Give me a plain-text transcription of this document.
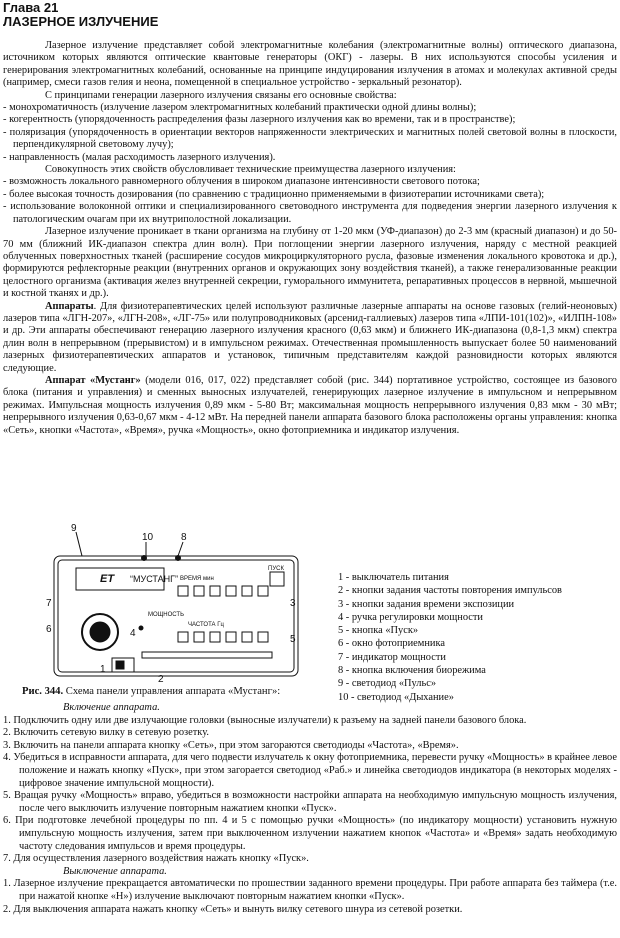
Глава 21
ЛАЗЕРНОЕ ИЗЛУЧЕНИЕ

Лазерное излучение представляет собой электромагнитные колебания (электромагнитные волны) оптического диапазона, источником которых являются оптические квантовые генераторы (ОКГ) - лазеры. В них используются способы усиления и генерирования электромагнитных колебаний, основанные на принципе индуцирования излучения в атомах и молекулах активной среды (например, смеси газов гелия и неона, помещенной в специальное устройство - зеркальный резонатор).

С принципами генерации лазерного излучения связаны его основные свойства:

- монохроматичность (излучение лазером электромагнитных колебаний практически одной длины волны);
- когерентность (упорядоченность распределения фазы лазерного излучения как во времени, так и в пространстве);
- поляризация (упорядоченность в ориентации векторов напряженности электрических и магнитных полей световой волны в плоскости, перпендикулярной световому лучу);
- направленность (малая расходимость лазерного излучения).

Совокупность этих свойств обусловливает технические преимущества лазерного излучения:

- возможность локального равномерного облучения в широком диапазоне интенсивности светового потока;
- более высокая точность дозирования (по сравнению с традиционно применяемыми в физиотерапии источниками света);
- использование волоконной оптики и специализированного световодного инструмента для подведения энергии лазерного излучения к патологическим очагам при их внутриполостной локализации.

Лазерное излучение проникает в ткани организма на глубину от 1-20 мкм (УФ-диапазон) до 2-3 мм (красный диапазон) и до 50-70 мм (ближний ИК-диапазон спектра длин волн). При поглощении энергии лазерного излучения, наряду с местной реакцией облученных поверхностных тканей (расширение сосудов микроциркуляторного русла, фазовые изменения локального кровотока и др.), формируются рефлекторные реакции (внутренних органов и окружающих зону воздействия тканей), а также генерализованные реакции целостного организма (активация желез внутренней секреции, гуморального иммунитета, репаративных процессов в нервной, мышечной и костной тканях и др.).

Аппараты. Для физиотерапевтических целей используют различные лазерные аппараты на основе газовых (гелий-неоновых) лазеров типа «ЛГН-207», «ЛГН-208», «ЛГ-75» или полупроводниковых (арсенид-галлиевых) лазеров типа «ЛПИ-101(102)», «ИЛПН-108» и др. Эти аппараты обеспечивают генерацию лазерного излучения красного (0,63 мкм) и ближнего ИК-диапазона (0,8-1,3 мкм) спектра длин волн в непрерывном (прерывистом) и в импульсном режимах. Отечественная промышленность выпускает более 50 наименований лазерных физиотерапевтических аппаратов и установок, типичным представителям каждой разновидности которых являются следующие.

Аппарат «Мустанг» (модели 016, 017, 022) представляет собой (рис. 344) портативное устройство, состоящее из базового блока (питания и управления) и сменных выносных излучателей, генерирующих лазерное излучение в импульсном и непрерывном режимах. Импульсная мощность излучения 0,89 мкм - 5-80 Вт; максимальная мощность непрерывного излучения 0,83 мкм - 30 мВт; непрерывного излучения 0,63-0,67 мкм - 4-12 мВт. На передней панели аппарата базового блока расположены органы управления: кнопка «Сеть», кнопки «Частота», «Время», ручка «Мощность», окно фотоприемника и индикатор излучения.

ЕТ “МУСТАНГ” ВРЕМЯ мин
ЧАСТОТА Гц
МОЩНОСТЬ
ПУСК
9
10	8
7
6
3
5
4
1
2
1 - выключатель питания
2 - кнопки задания частоты повторения импульсов
3 - кнопки задания времени экспозиции
4 - ручка регулировки мощности
5 - кнопка «Пуск»
6 - окно фотоприемника
7 - индикатор мощности
8 - кнопка включения биорежима
9 - светодиод «Пульс»
10 - светодиод «Дыхание»
Рис. 344. Схема панели управления аппарата «Мустанг»:
Включение аппарата.
1. Подключить одну или две излучающие головки (выносные излучатели) к разъему на задней панели базового блока.
2. Включить сетевую вилку в сетевую розетку.
3. Включить на панели аппарата кнопку «Сеть», при этом загораются светодиоды «Частота», «Время».
4. Убедиться в исправности аппарата, для чего подвести излучатель к окну фотоприемника, перевести ручку «Мощность» в крайнее левое положение и нажать кнопку «Пуск», при этом загорается светодиод «Раб.» и линейка светодиодов индикатора (в некоторых моделях - цифровое значение импульсной мощности).
5. Вращая ручку «Мощность» вправо, убедиться в возможности настройки аппарата на необходимую импульсную мощность излучения, после чего выключить излучение повторным нажатием кнопки «Пуск».
6. При подготовке лечебной процедуры по пп. 4 и 5 с помощью ручки «Мощность» (по индикатору мощности) установить нужную импульсную мощность излучения, затем при выключенном излучении нажатием кнопок «Частота» и «Время» задать необходимую частоту следования импульсов и время процедуры.
7. Для осуществления лазерного воздействия нажать кнопку «Пуск».
Выключение аппарата.
1. Лазерное излучение прекращается автоматически по прошествии заданного времени процедуры. При работе аппарата без таймера (т.е. при нажатой кнопке «Н») излучение выключают повторным нажатием кнопки «Пуск».
2. Для выключения аппарата нажать кнопку «Сеть» и вынуть вилку сетевого шнура из сетевой розетки.
